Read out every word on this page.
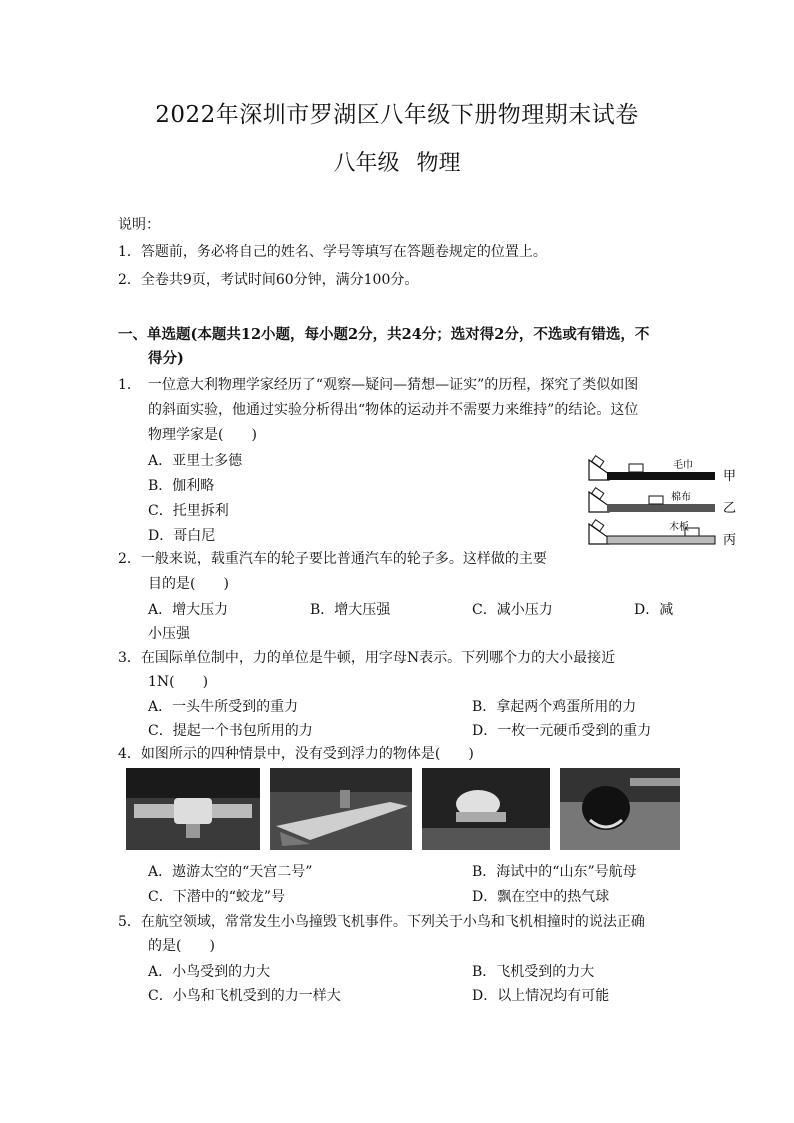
2022年深圳市罗湖区八年级下册物理期末试卷
八年级 物理
说明：
1．答题前，务必将自己的姓名、学号等填写在答题卷规定的位置上。
2．全卷共9页，考试时间60分钟，满分100分。
一、单选题(本题共12小题，每小题2分，共24分；选对得2分，不选或有错选，不
得分)
1．　一位意大利物理学家经历了“观察—疑问—猜想—证实”的历程，探究了类似如图
的斜面实验，他通过实验分析得出“物体的运动并不需要力来维持”的结论。这位
物理学家是(　　)
A．亚里士多德
B．伽利略
C．托里拆利
D．哥白尼
毛巾
甲
棉布
乙
木板
丙
2．一般来说，载重汽车的轮子要比普通汽车的轮子多。这样做的主要
目的是(　　)
A．增大压力	B．增大压强	C．减小压力	D．减
小压强
3．在国际单位制中，力的单位是牛顿，用字母N表示。下列哪个力的大小最接近
1N(　　)
A．一头牛所受到的重力	B．拿起两个鸡蛋所用的力
C．提起一个书包所用的力	D．一枚一元硬币受到的重力
4．如图所示的四种情景中，没有受到浮力的物体是(　　)
A．遨游太空的“天宫二号”	B．海试中的“山东”号航母
C．下潜中的“蛟龙”号	D．飘在空中的热气球
5．在航空领域，常常发生小鸟撞毁飞机事件。下列关于小鸟和飞机相撞时的说法正确
的是(　　)
A．小鸟受到的力大	B．飞机受到的力大
C．小鸟和飞机受到的力一样大	D．以上情况均有可能
